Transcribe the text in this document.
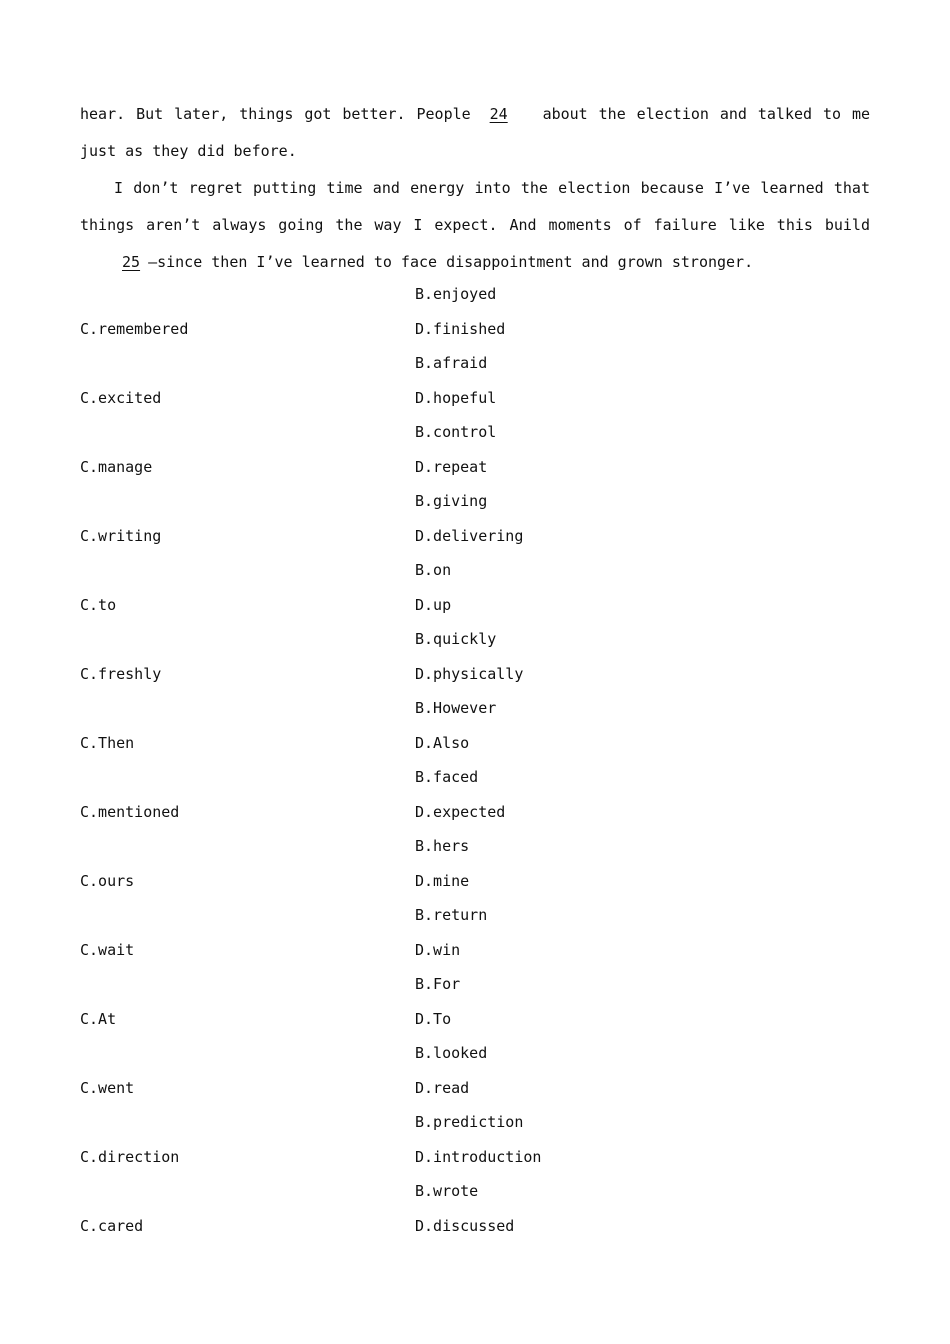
hear. But later, things got better. People 24 about the election and talked to me just as they did before.

I don’t regret putting time and energy into the election because I’ve learned that things aren’t always going the way I expect. And moments of failure like this build 25 —since then I’ve learned to face disappointment and grown stronger.

B.enjoyed
C.remembered	D.finished
B.afraid
C.excited	D.hopeful
B.control
C.manage	D.repeat
B.giving
C.writing	D.delivering
B.on
C.to	D.up
B.quickly
C.freshly	D.physically
B.However
C.Then	D.Also
B.faced
C.mentioned	D.expected
B.hers
C.ours	D.mine
B.return
C.wait	D.win
B.For
C.At	D.To
B.looked
C.went	D.read
B.prediction
C.direction	D.introduction
B.wrote
C.cared	D.discussed
